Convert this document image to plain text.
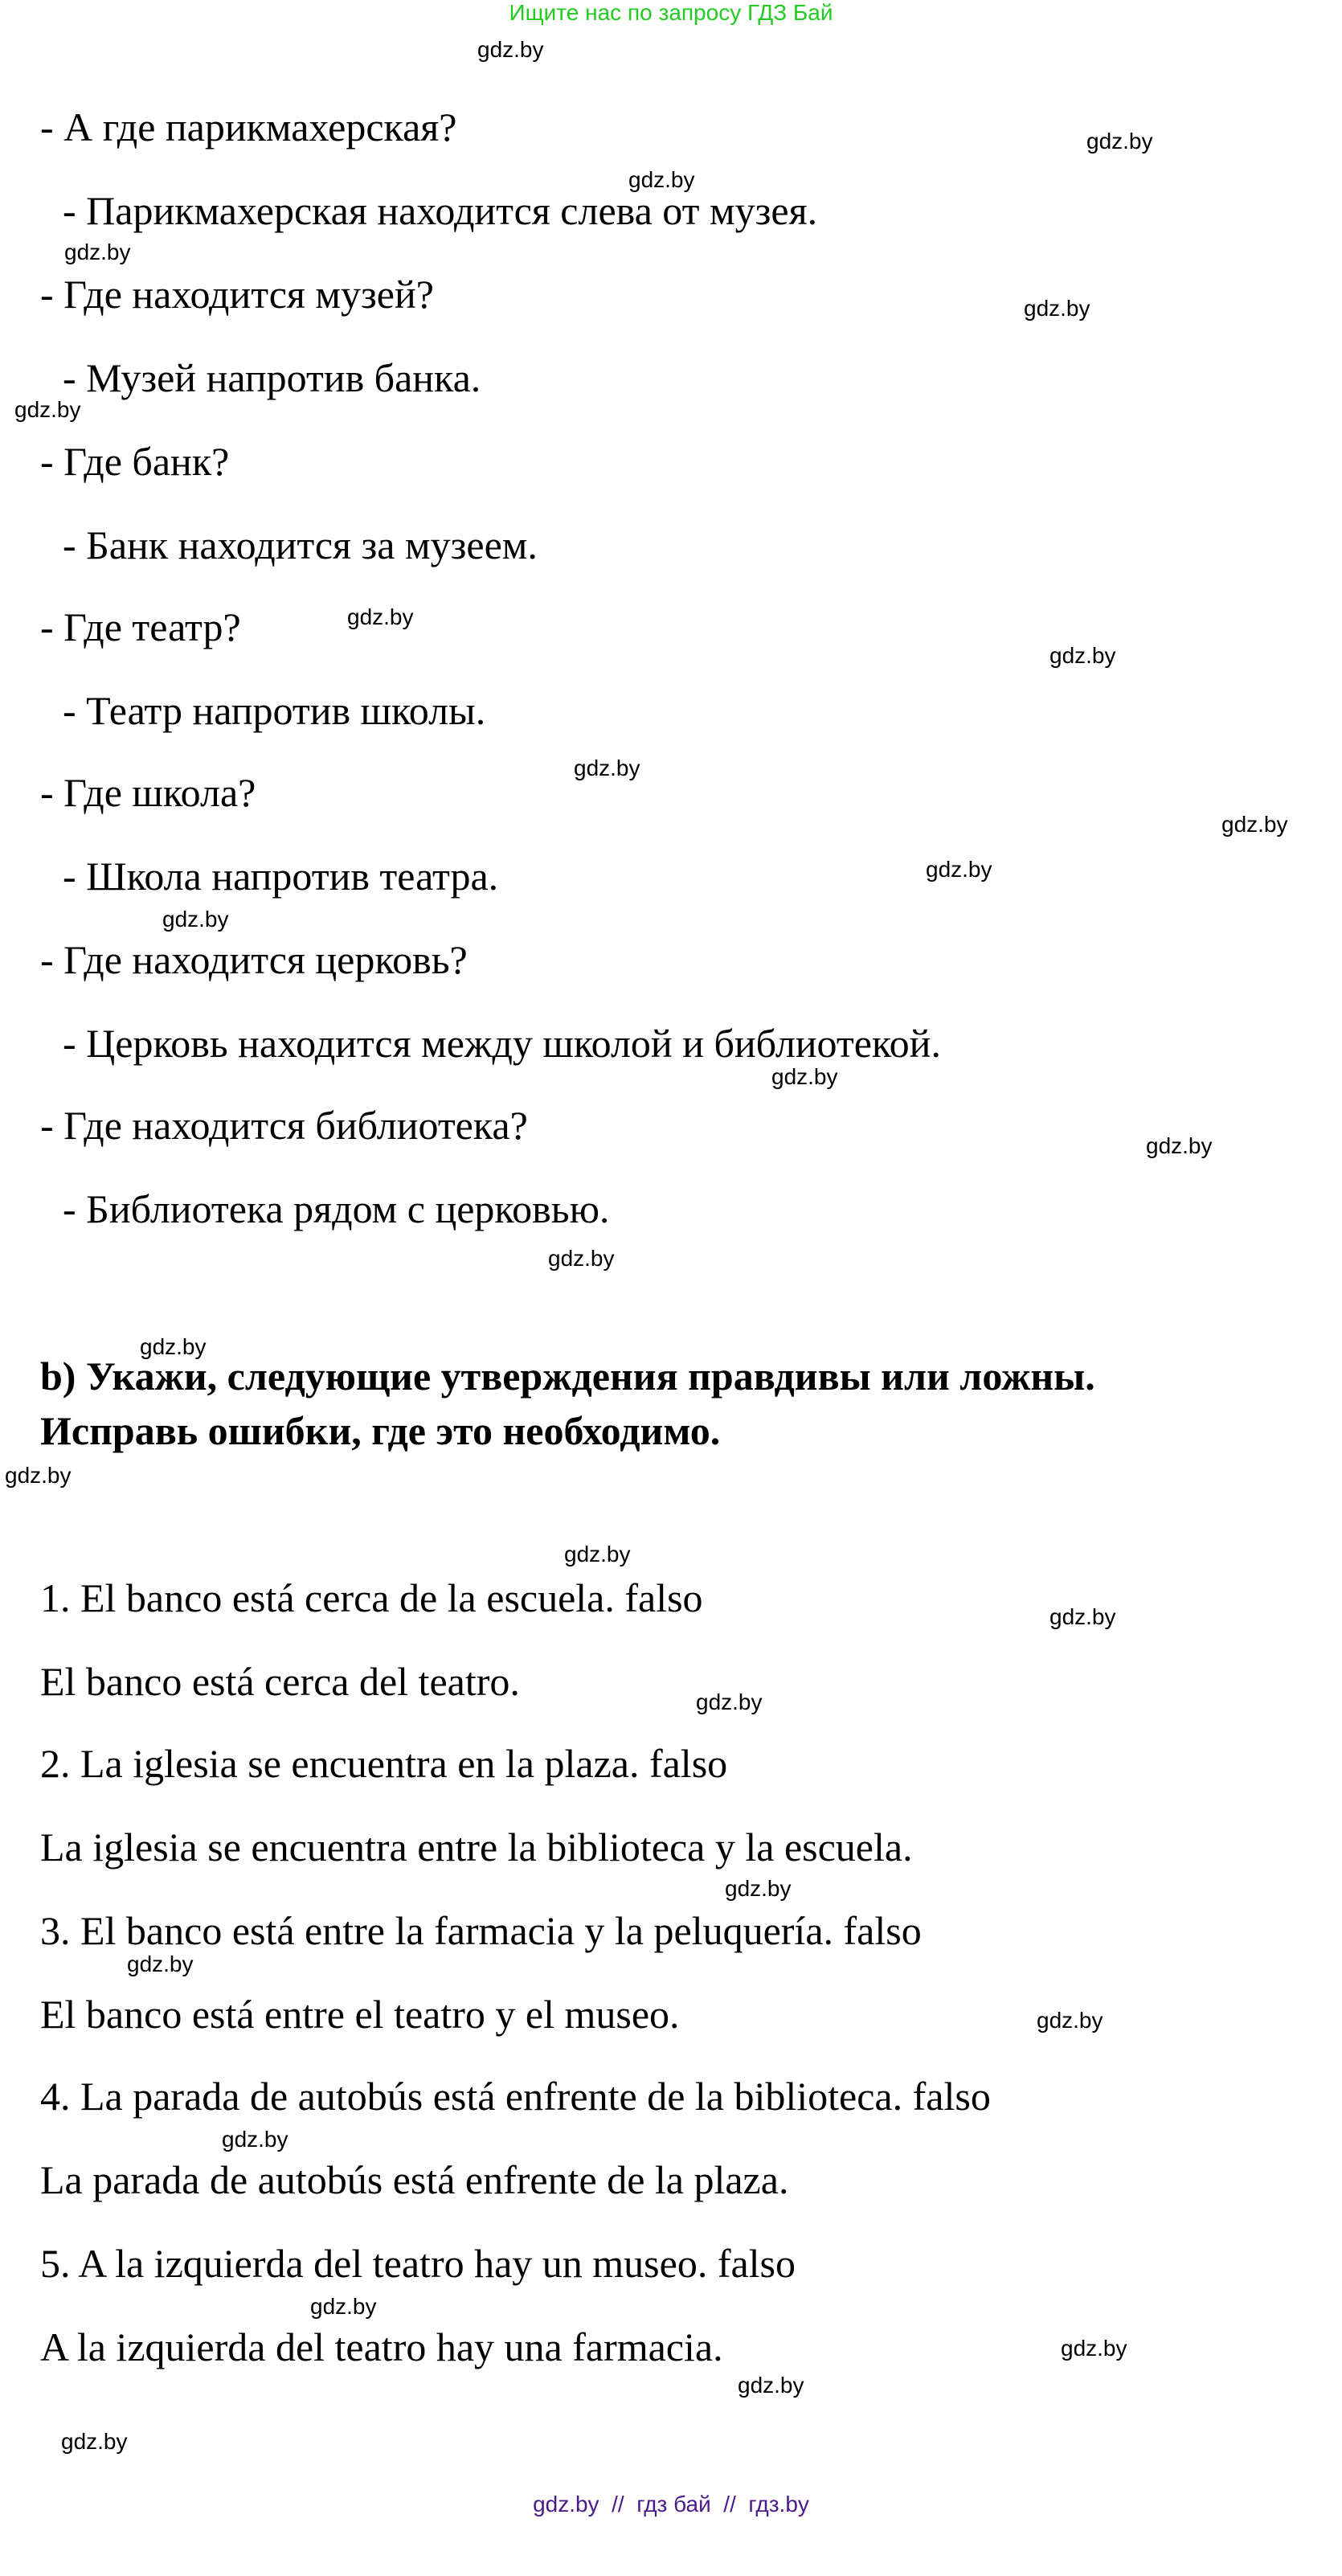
Ищите нас по запросу ГДЗ Бай
- А где парикмахерская?
- Парикмахерская находится слева от музея.
- Где находится музей?
- Музей напротив банка.
- Где банк?
- Банк находится за музеем.
- Где театр?
- Театр напротив школы.
- Где школа?
- Школа напротив театра.
- Где находится церковь?
- Церковь находится между школой и библиотекой.
- Где находится библиотека?
- Библиотека рядом с церковью.
b) Укажи, следующие утверждения правдивы или ложны.
Исправь ошибки, где это необходимо.
1. El banco está cerca de la escuela. falso
El banco está cerca del teatro.
2. La iglesia se encuentra en la plaza. falso
La iglesia se encuentra entre la biblioteca y la escuela.
3. El banco está entre la farmacia y la peluquería. falso
El banco está entre el teatro y el museo.
4. La parada de autobús está enfrente de la biblioteca. falso
La parada de autobús está enfrente de la plaza.
5. A la izquierda del teatro hay un museo. falso
A la izquierda del teatro hay una farmacia.
gdz.by
gdz.by
gdz.by
gdz.by
gdz.by
gdz.by
gdz.by
gdz.by
gdz.by
gdz.by
gdz.by
gdz.by
gdz.by
gdz.by
gdz.by
gdz.by
gdz.by
gdz.by
gdz.by
gdz.by
gdz.by
gdz.by
gdz.by
gdz.by
gdz.by
gdz.by
gdz.by
gdz.by
gdz.by  //  гдз бай  //  гдз.by
